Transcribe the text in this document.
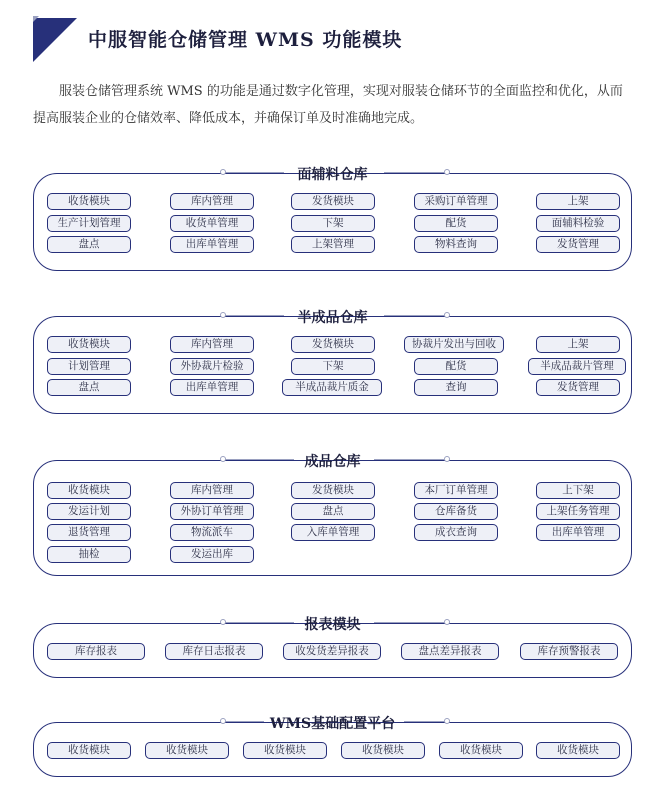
中服智能仓储管理 WMS 功能模块
服装仓储管理系统 WMS 的功能是通过数字化管理，实现对服装仓储环节的全面监控和优化，从而提高服装企业的仓储效率、降低成本，并确保订单及时准确地完成。
面辅料仓库
收货模块	库内管理	发货模块	采购订单管理	上架
生产计划管理	收货单管理	下架	配货	面辅料检验
盘点	出库单管理	上架管理	物料查询	发货管理
半成品仓库
收货模块	库内管理	发货模块	协裁片发出与回收	上架
计划管理	外协裁片检验	下架	配货	半成品裁片管理
盘点	出库单管理	半成品裁片质金	查询	发货管理
成品仓库
收货模块	库内管理	发货模块	本厂订单管理	上下架
发运计划	外协订单管理	盘点	仓库备货	上架任务管理
退货管理	物流派车	入库单管理	成衣查询	出库单管理
抽检	发运出库
报表模块
库存报表	库存日志报表	收发货差异报表	盘点差异报表	库存预警报表
WMS基础配置平台
收货模块	收货模块	收货模块	收货模块	收货模块	收货模块
